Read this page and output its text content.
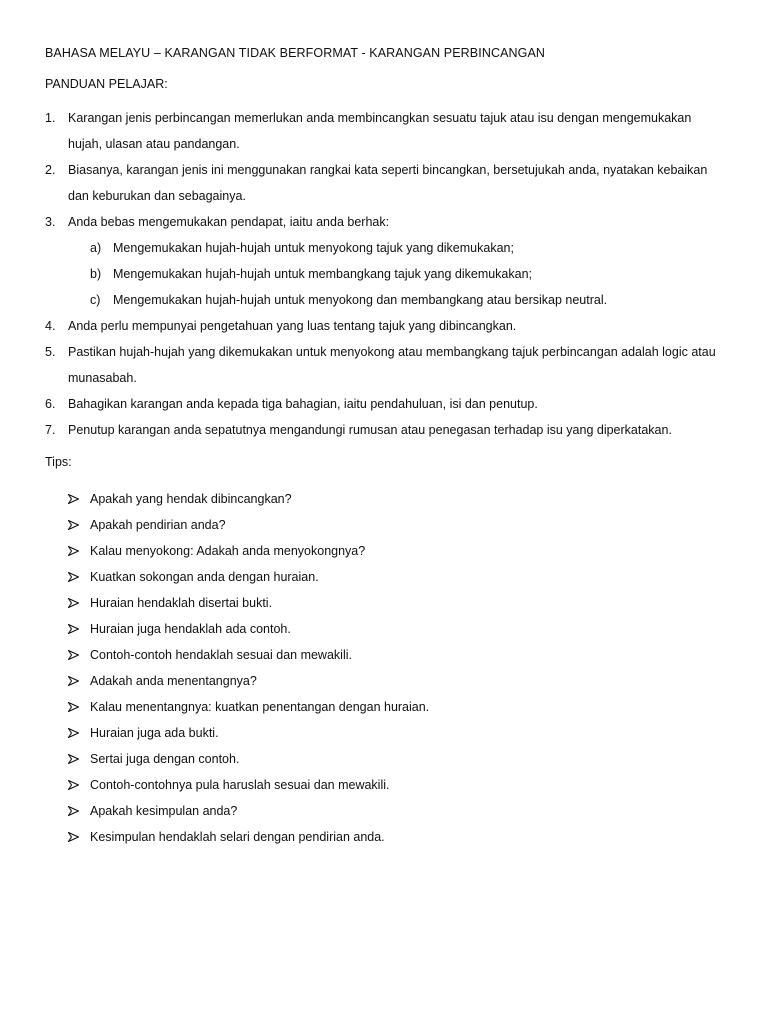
BAHASA MELAYU – KARANGAN TIDAK BERFORMAT - KARANGAN PERBINCANGAN
PANDUAN PELAJAR:
1. Karangan jenis perbincangan memerlukan anda membincangkan sesuatu tajuk atau isu dengan mengemukakan
hujah, ulasan atau pandangan.
2. Biasanya, karangan jenis ini menggunakan rangkai kata seperti bincangkan, bersetujukah anda, nyatakan kebaikan
dan keburukan dan sebagainya.
3. Anda bebas mengemukakan pendapat, iaitu anda berhak:
a) Mengemukakan hujah-hujah untuk menyokong tajuk yang dikemukakan;
b) Mengemukakan hujah-hujah untuk membangkang tajuk yang dikemukakan;
c) Mengemukakan hujah-hujah untuk menyokong dan membangkang atau bersikap neutral.
4. Anda perlu mempunyai pengetahuan yang luas tentang tajuk yang dibincangkan.
5. Pastikan hujah-hujah yang dikemukakan untuk menyokong atau membangkang tajuk perbincangan adalah logic atau
munasabah.
6. Bahagikan karangan anda kepada tiga bahagian, iaitu pendahuluan, isi dan penutup.
7. Penutup karangan anda sepatutnya mengandungi rumusan atau penegasan terhadap isu yang diperkatakan.
Tips:
Apakah yang hendak dibincangkan?
Apakah pendirian anda?
Kalau menyokong: Adakah anda menyokongnya?
Kuatkan sokongan anda dengan huraian.
Huraian hendaklah disertai bukti.
Huraian juga hendaklah ada contoh.
Contoh-contoh hendaklah sesuai dan mewakili.
Adakah anda menentangnya?
Kalau menentangnya: kuatkan penentangan dengan huraian.
Huraian juga ada bukti.
Sertai juga dengan contoh.
Contoh-contohnya pula haruslah sesuai dan mewakili.
Apakah kesimpulan anda?
Kesimpulan hendaklah selari dengan pendirian anda.
